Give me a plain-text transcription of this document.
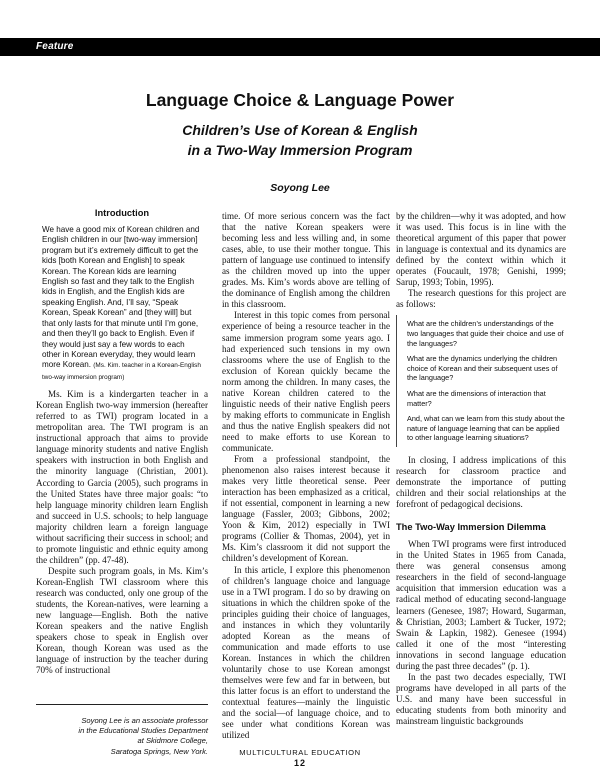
Feature
Language Choice & Language Power
Children’s Use of Korean & English
in a Two-Way Immersion Program
Soyong Lee
Introduction
We have a good mix of Korean children and English children in our [two-way immersion] program but it’s extremely difficult to get the kids [both Korean and English] to speak Korean. The Korean kids are learning English so fast and they talk to the English kids in English, and the English kids are speaking English. And, I’ll say, “Speak Korean, Speak Korean” and [they will] but that only lasts for that minute until I’m gone, and then they’ll go back to English. Even if they would just say a few words to each other in Korean everyday, they would learn more Korean. (Ms. Kim. teacher in a Korean-English two-way immersion program)

Ms. Kim is a kindergarten teacher in a Korean English two-way immersion (hereafter referred to as TWI) program located in a metropolitan area. The TWI program is an instructional approach that aims to provide language minority students and native English speakers with instruction in both English and the minority language (Christian, 2001). According to Garcia (2005), such programs in the United States have three major goals: “to help language minority children learn English and succeed in U.S. schools; to help language majority children learn a foreign language without sacrificing their success in school; and to promote linguistic and ethnic equity among the children” (pp. 47-48).

Despite such program goals, in Ms. Kim’s Korean-English TWI classroom where this research was conducted, only one group of the students, the Korean-natives, were learning a new language—English. Both the native Korean speakers and the native English speakers chose to speak in English over Korean, though Korean was used as the language of instruction by the teacher during 70% of instructional

Soyong Lee is an associate professor
in the Educational Studies Department
at Skidmore College,
Saratoga Springs, New York.

time. Of more serious concern was the fact that the native Korean speakers were becoming less and less willing and, in some cases, able, to use their mother tongue. This pattern of language use continued to intensify as the children moved up into the upper grades. Ms. Kim’s words above are telling of the dominance of English among the children in this classroom.

Interest in this topic comes from personal experience of being a resource teacher in the same immersion program some years ago. I had experienced such tensions in my own classrooms where the use of English to the exclusion of Korean quickly became the norm among the children. In many cases, the native Korean children catered to the linguistic needs of their native English peers by making efforts to communicate in English and thus the native English speakers did not need to make efforts to use Korean to communicate.

From a professional standpoint, the phenomenon also raises interest because it makes very little theoretical sense. Peer interaction has been emphasized as a critical, if not essential, component in learning a new language (Fassler, 2003; Gibbons, 2002; Yoon & Kim, 2012) especially in TWI programs (Collier & Thomas, 2004), yet in Ms. Kim’s classroom it did not support the children’s development of Korean.

In this article, I explore this phenomenon of children’s language choice and language use in a TWI program. I do so by drawing on situations in which the children spoke of the principles guiding their choice of languages, and instances in which they voluntarily adopted Korean as the means of communication and made efforts to use Korean. Instances in which the children voluntarily chose to use Korean amongst themselves were few and far in between, but this latter focus is an effort to understand the contextual features—mainly the linguistic and the social—of language choice, and to see under what conditions Korean was utilized

by the children—why it was adopted, and how it was used. This focus is in line with the theoretical argument of this paper that power in language is contextual and its dynamics are defined by the context within which it operates (Foucault, 1978; Genishi, 1999; Sarup, 1993; Tobin, 1995).

The research questions for this project are as follows:

What are the children’s understandings of the two languages that guide their choice and use of the languages?
What are the dynamics underlying the children choice of Korean and their subsequent uses of the language?
What are the dimensions of interaction that matter?
And, what can we learn from this study about the nature of language learning that can be applied to other language learning situations?

In closing, I address implications of this research for classroom practice and demonstrate the importance of putting children and their social relationships at the forefront of pedagogical decisions.

The Two-Way Immersion Dilemma

When TWI programs were first introduced in the United States in 1965 from Canada, there was general consensus among researchers in the field of second-language acquisition that immersion education was a radical method of educating second-language learners (Genesee, 1987; Howard, Sugarman, & Christian, 2003; Lambert & Tucker, 1972; Swain & Lapkin, 1982). Genesee (1994) called it one of the most “interesting innovations in second language education during the past three decades” (p. 1).

In the past two decades especially, TWI programs have developed in all parts of the U.S. and many have been successful in educating students from both minority and mainstream linguistic backgrounds

MULTICULTURAL EDUCATION
12
